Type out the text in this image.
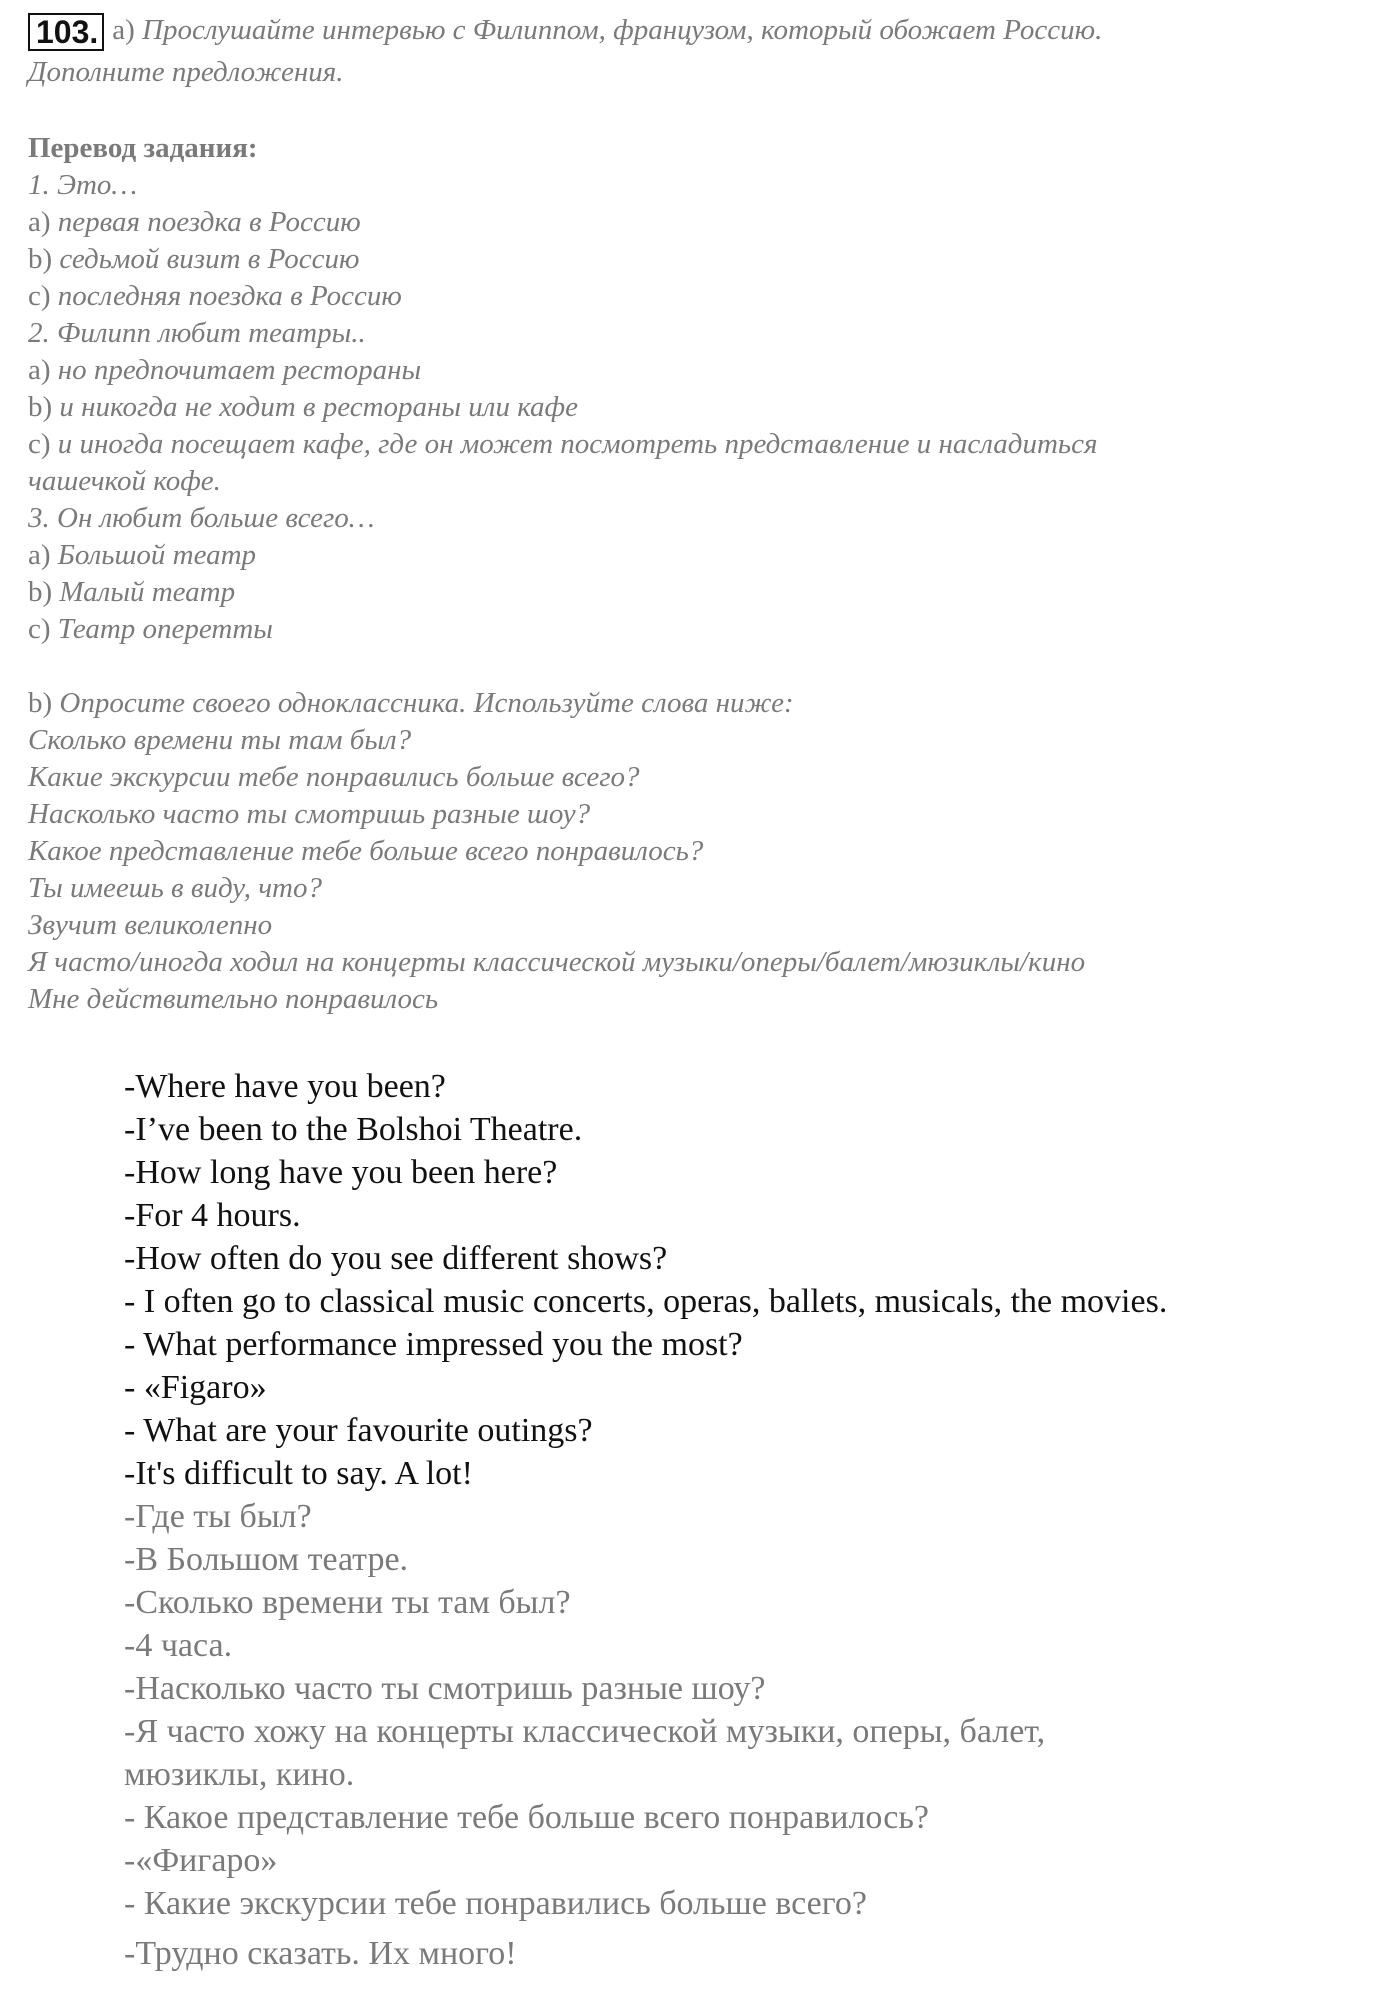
103. a) Прослушайте интервью с Филиппом, французом, который обожает Россию.
Дополните предложения.
Перевод задания:
1. Это…
a) первая поездка в Россию
b) седьмой визит в Россию
c) последняя поездка в Россию
2. Филипп любит театры..
a) но предпочитает рестораны
b) и никогда не ходит в рестораны или кафе
c) и иногда посещает кафе, где он может посмотреть представление и насладиться
чашечкой кофе.
3. Он любит больше всего…
a) Большой театр
b) Малый театр
c) Театр оперетты
b) Опросите своего одноклассника. Используйте слова ниже:
Сколько времени ты там был?
Какие экскурсии тебе понравились больше всего?
Насколько часто ты смотришь разные шоу?
Какое представление тебе больше всего понравилось?
Ты имеешь в виду, что?
Звучит великолепно
Я часто/иногда ходил на концерты классической музыки/оперы/балет/мюзиклы/кино
Мне действительно понравилось
-Where have you been?
-I’ve been to the Bolshoi Theatre.
-How long have you been here?
-For 4 hours.
-How often do you see different shows?
- I often go to classical music concerts, operas, ballets, musicals, the movies.
- What performance impressed you the most?
- «Figaro»
- What are your favourite outings?
-It's difficult to say. A lot!
-Где ты был?
-В Большом театре.
-Сколько времени ты там был?
-4 часа.
-Насколько часто ты смотришь разные шоу?
-Я часто хожу на концерты классической музыки, оперы, балет,
мюзиклы, кино.
- Какое представление тебе больше всего понравилось?
-«Фигаро»
- Какие экскурсии тебе понравились больше всего?
-Трудно сказать. Их много!
